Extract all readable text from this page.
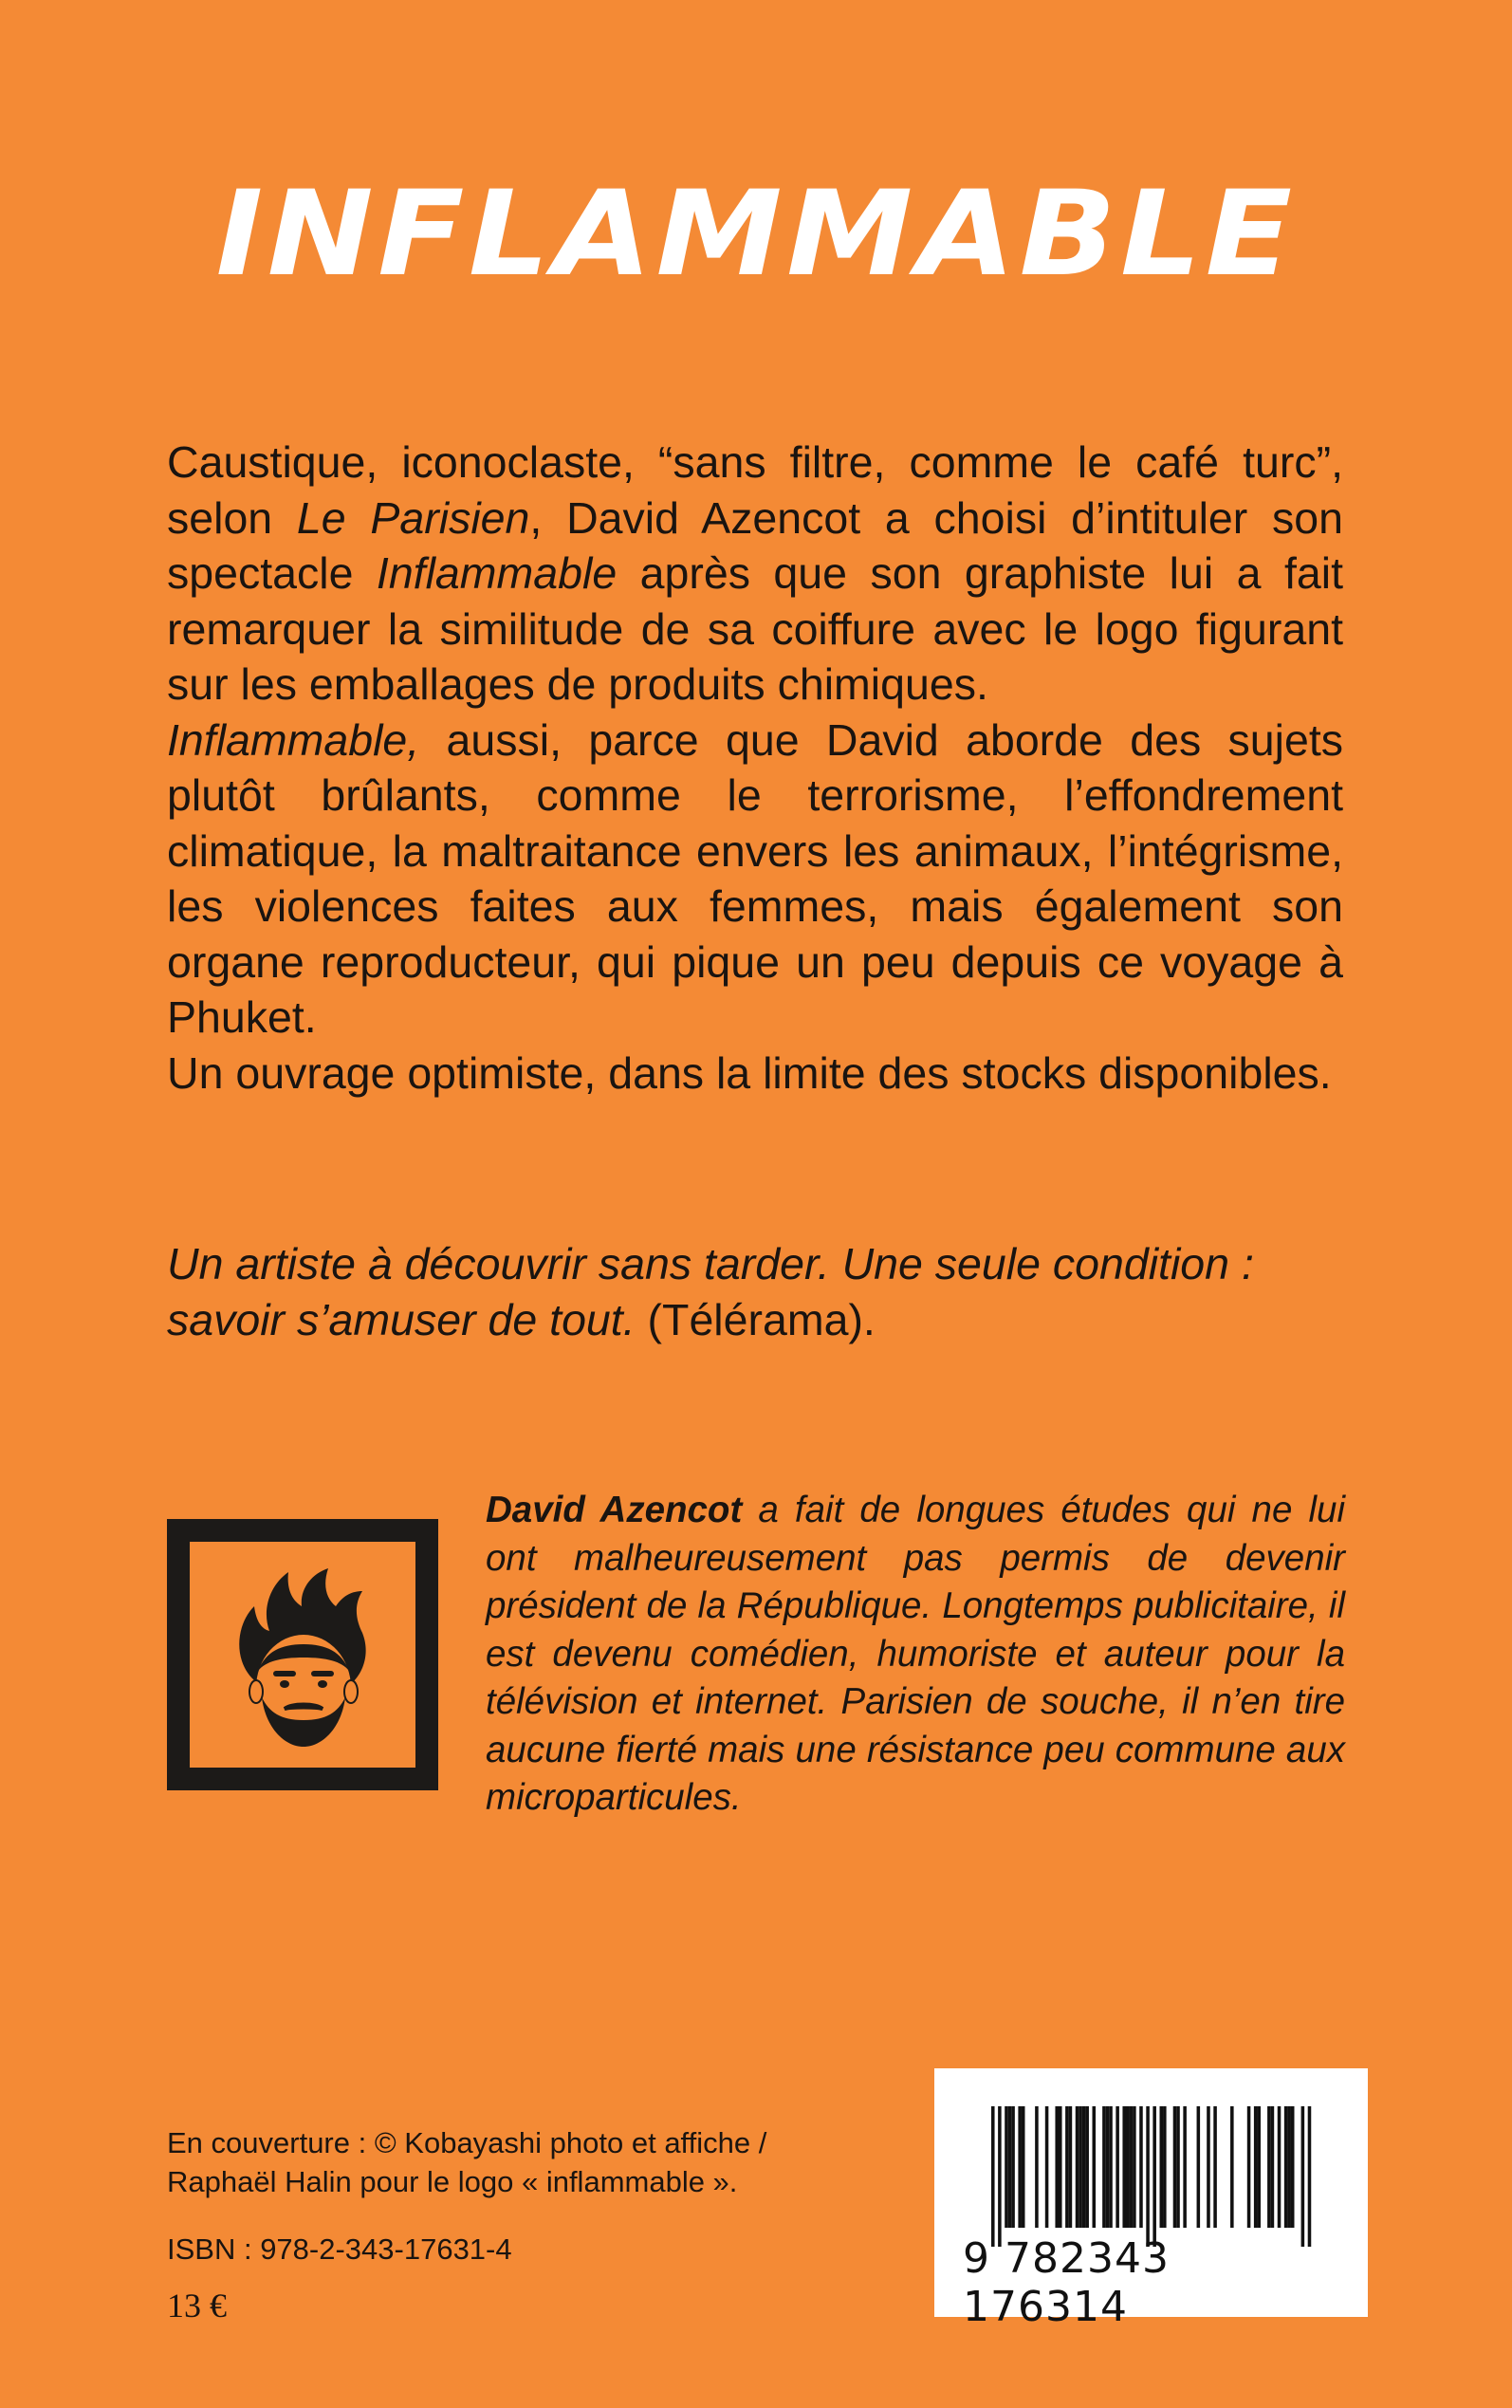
INFLAMMABLE

Caustique, iconoclaste, “sans filtre, comme le café turc”, selon Le Parisien, David Azencot a choisi d’intituler son spectacle Inflammable après que son graphiste lui a fait remarquer la similitude de sa coiffure avec le logo figurant sur les emballages de produits chimiques.

Inflammable, aussi, parce que David aborde des sujets plutôt brûlants, comme le terrorisme, l’effondrement climatique, la maltraitance envers les animaux, l’intégrisme, les violences faites aux femmes, mais également son organe reproducteur, qui pique un peu depuis ce voyage à Phuket.

Un ouvrage optimiste, dans la limite des stocks disponibles.

Un artiste à découvrir sans tarder. Une seule condition : savoir s’amuser de tout. (Télérama).

David Azencot a fait de longues études qui ne lui ont malheureusement pas permis de devenir président de la République. Longtemps publicitaire, il est devenu comédien, humoriste et auteur pour la télévision et internet. Parisien de souche, il n’en tire aucune fierté mais une résistance peu commune aux microparticules.

En couverture : © Kobayashi photo et affiche /
Raphaël Halin pour le logo « inflammable ».

ISBN : 978-2-343-17631-4

13 €

9 782343 176314
